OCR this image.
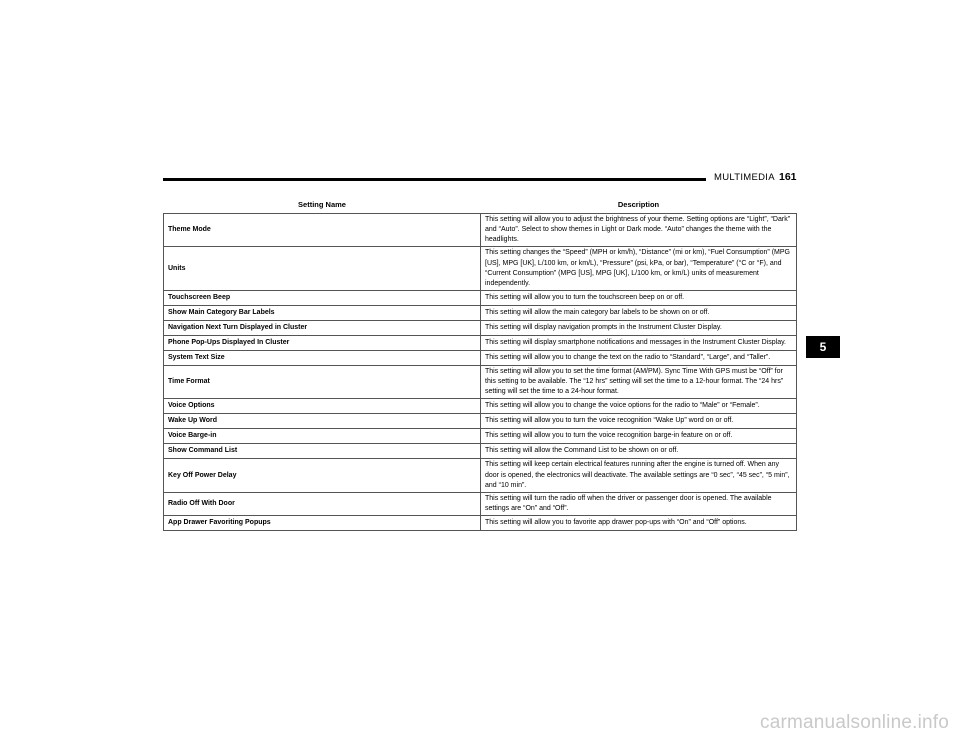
MULTIMEDIA 161
5
Setting Name	Description
Theme Mode	This setting will allow you to adjust the brightness of your theme. Setting options are “Light”, “Dark” and “Auto”. Select to show themes in Light or Dark mode. “Auto” changes the theme with the headlights.
Units	This setting changes the “Speed” (MPH or km/h), “Distance” (mi or km), “Fuel Consumption” (MPG [US], MPG [UK], L/100 km, or km/L), “Pressure” (psi, kPa, or bar), “Temperature” (°C or °F), and “Current Consumption” (MPG [US], MPG [UK], L/100 km, or km/L) units of measurement independently.
Touchscreen Beep	This setting will allow you to turn the touchscreen beep on or off.
Show Main Category Bar Labels	This setting will allow the main category bar labels to be shown on or off.
Navigation Next Turn Displayed in Cluster	This setting will display navigation prompts in the Instrument Cluster Display.
Phone Pop-Ups Displayed In Cluster	This setting will display smartphone notifications and messages in the Instrument Cluster Display.
System Text Size	This setting will allow you to change the text on the radio to “Standard”, “Large”, and “Taller”.
Time Format	This setting will allow you to set the time format (AM/PM). Sync Time With GPS must be “Off” for this setting to be available. The “12 hrs” setting will set the time to a 12-hour format. The “24 hrs” setting will set the time to a 24-hour format.
Voice Options	This setting will allow you to change the voice options for the radio to “Male” or “Female”.
Wake Up Word	This setting will allow you to turn the voice recognition “Wake Up” word on or off.
Voice Barge-in	This setting will allow you to turn the voice recognition barge-in feature on or off.
Show Command List	This setting will allow the Command List to be shown on or off.
Key Off Power Delay	This setting will keep certain electrical features running after the engine is turned off. When any door is opened, the electronics will deactivate. The available settings are “0 sec”, “45 sec”, “5 min”, and “10 min”.
Radio Off With Door	This setting will turn the radio off when the driver or passenger door is opened. The available settings are “On” and “Off”.
App Drawer Favoriting Popups	This setting will allow you to favorite app drawer pop-ups with “On” and “Off” options.
carmanualsonline.info
